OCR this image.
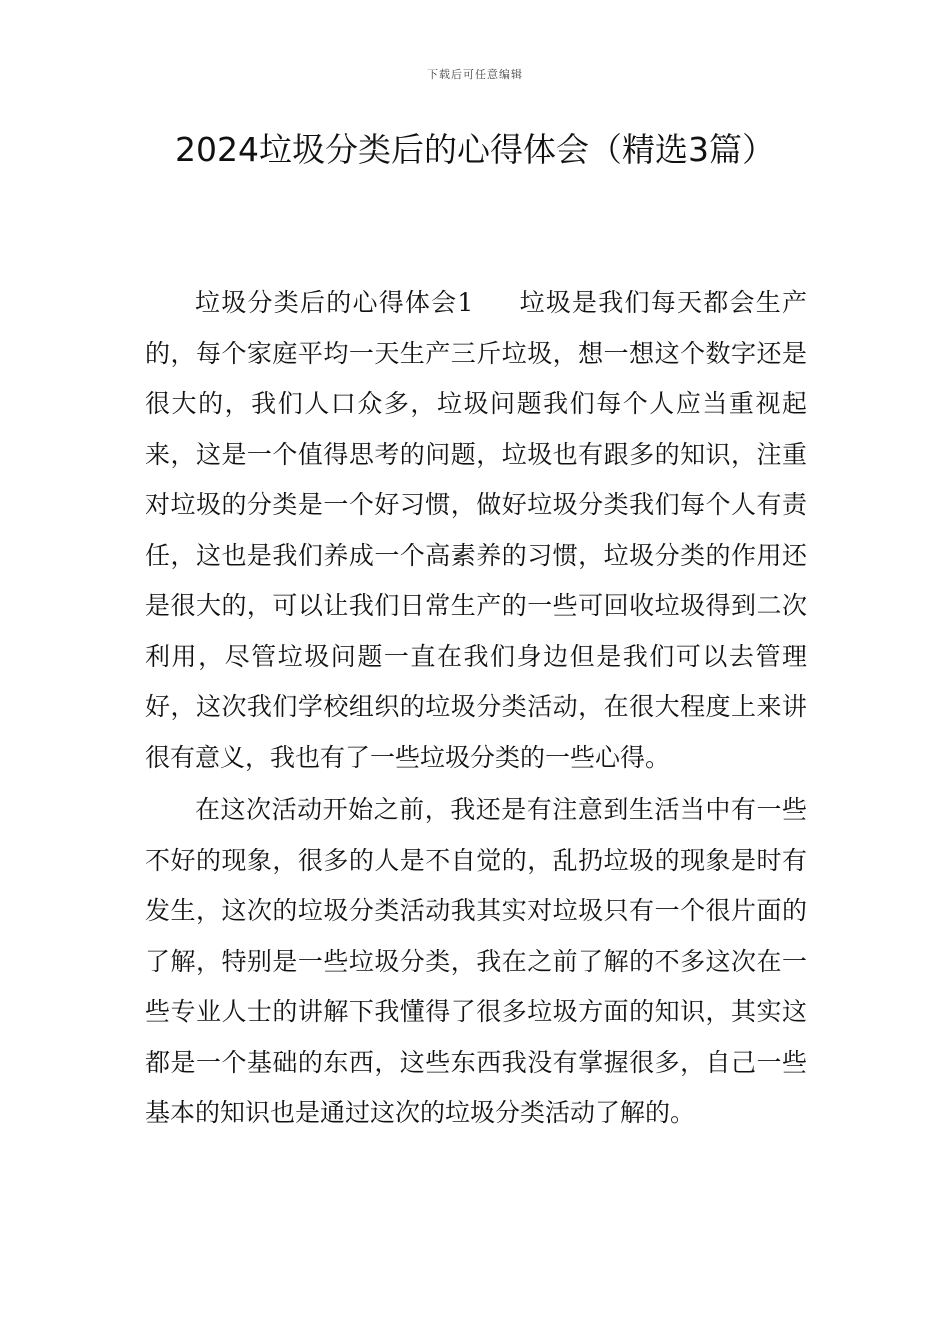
下载后可任意编辑
2024垃圾分类后的心得体会（精选3篇）

垃圾分类后的心得体会1 垃圾是我们每天都会生产的，每个家庭平均一天生产三斤垃圾，想一想这个数字还是很大的，我们人口众多，垃圾问题我们每个人应当重视起来，这是一个值得思考的问题，垃圾也有跟多的知识，注重对垃圾的分类是一个好习惯，做好垃圾分类我们每个人有责任，这也是我们养成一个高素养的习惯，垃圾分类的作用还是很大的，可以让我们日常生产的一些可回收垃圾得到二次利用，尽管垃圾问题一直在我们身边但是我们可以去管理好，这次我们学校组织的垃圾分类活动，在很大程度上来讲很有意义，我也有了一些垃圾分类的一些心得。

在这次活动开始之前，我还是有注意到生活当中有一些不好的现象，很多的人是不自觉的，乱扔垃圾的现象是时有发生，这次的垃圾分类活动我其实对垃圾只有一个很片面的了解，特别是一些垃圾分类，我在之前了解的不多这次在一些专业人士的讲解下我懂得了很多垃圾方面的知识，其实这都是一个基础的东西，这些东西我没有掌握很多，自己一些基本的知识也是通过这次的垃圾分类活动了解的。
